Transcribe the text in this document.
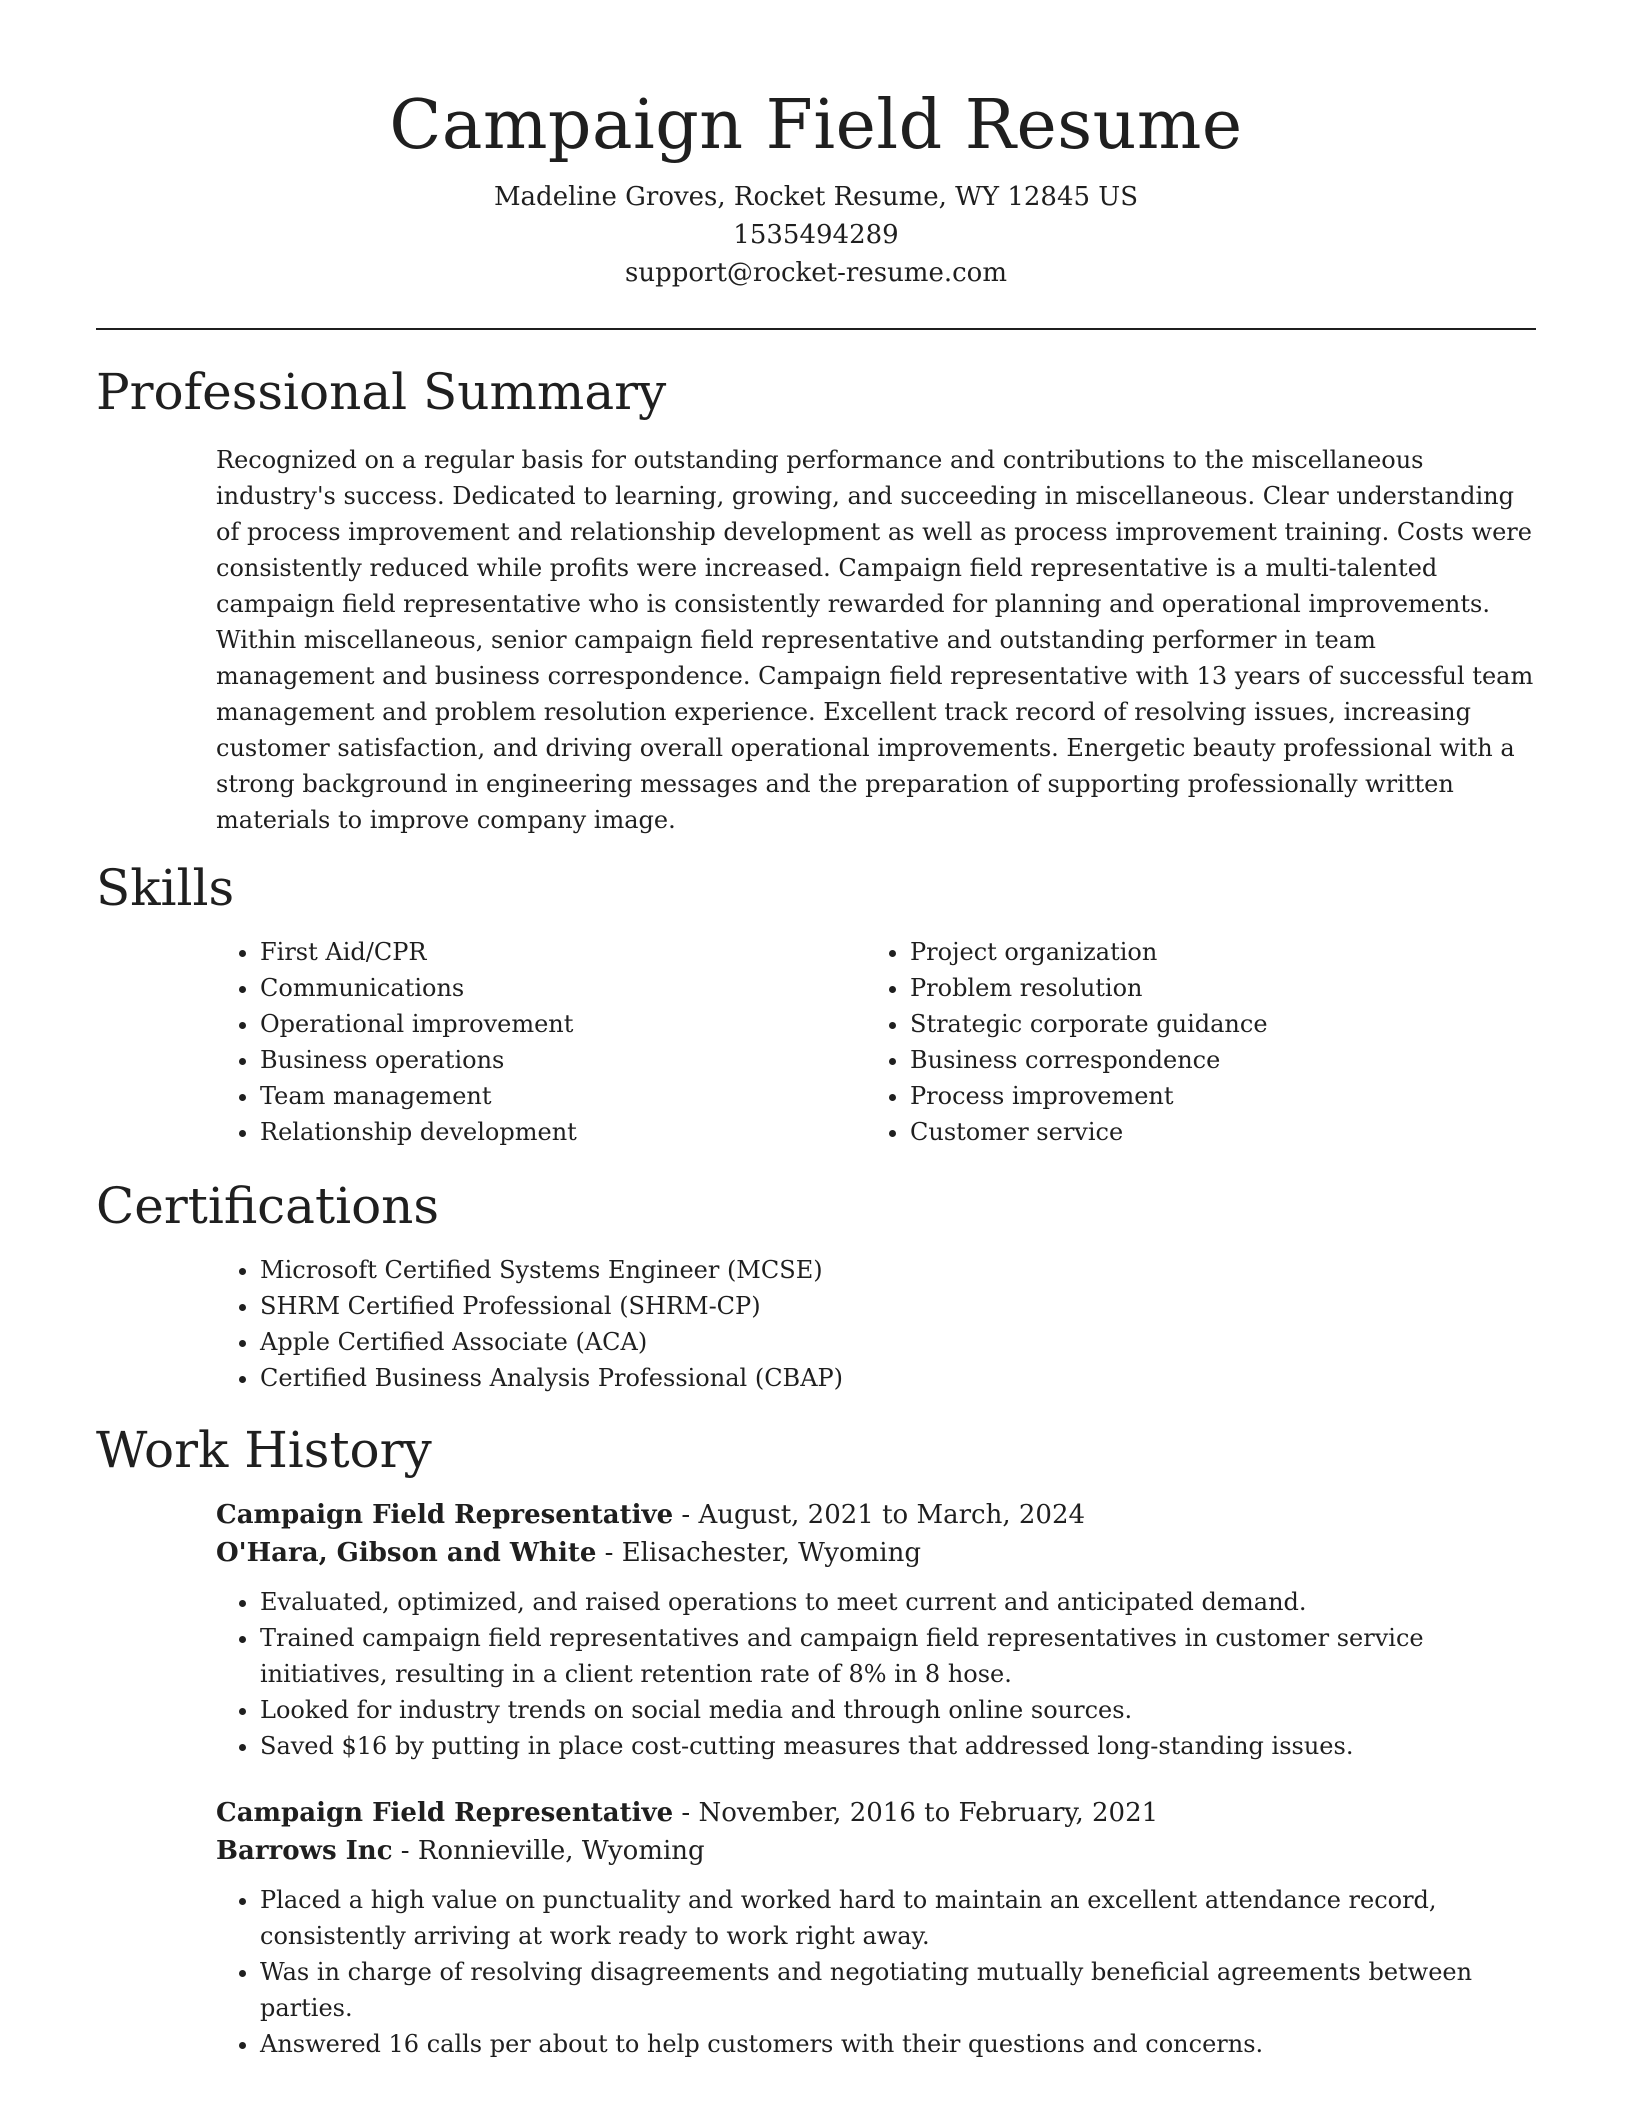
Campaign Field Resume
Madeline Groves, Rocket Resume, WY 12845 US
1535494289
support@rocket-resume.com
Professional Summary
Recognized on a regular basis for outstanding performance and contributions to the miscellaneous industry's success. Dedicated to learning, growing, and succeeding in miscellaneous. Clear understanding of process improvement and relationship development as well as process improvement training. Costs were consistently reduced while profits were increased. Campaign field representative is a multi-talented campaign field representative who is consistently rewarded for planning and operational improvements. Within miscellaneous, senior campaign field representative and outstanding performer in team management and business correspondence. Campaign field representative with 13 years of successful team management and problem resolution experience. Excellent track record of resolving issues, increasing customer satisfaction, and driving overall operational improvements. Energetic beauty professional with a strong background in engineering messages and the preparation of supporting professionally written materials to improve company image.
Skills
• First Aid/CPR
• Communications
• Operational improvement
• Business operations
• Team management
• Relationship development
• Project organization
• Problem resolution
• Strategic corporate guidance
• Business correspondence
• Process improvement
• Customer service
Certifications
• Microsoft Certified Systems Engineer (MCSE)
• SHRM Certified Professional (SHRM-CP)
• Apple Certified Associate (ACA)
• Certified Business Analysis Professional (CBAP)
Work History
Campaign Field Representative - August, 2021 to March, 2024
O'Hara, Gibson and White - Elisachester, Wyoming
• Evaluated, optimized, and raised operations to meet current and anticipated demand.
• Trained campaign field representatives and campaign field representatives in customer service initiatives, resulting in a client retention rate of 8% in 8 hose.
• Looked for industry trends on social media and through online sources.
• Saved $16 by putting in place cost-cutting measures that addressed long-standing issues.
Campaign Field Representative - November, 2016 to February, 2021
Barrows Inc - Ronnieville, Wyoming
• Placed a high value on punctuality and worked hard to maintain an excellent attendance record, consistently arriving at work ready to work right away.
• Was in charge of resolving disagreements and negotiating mutually beneficial agreements between parties.
• Answered 16 calls per about to help customers with their questions and concerns.
